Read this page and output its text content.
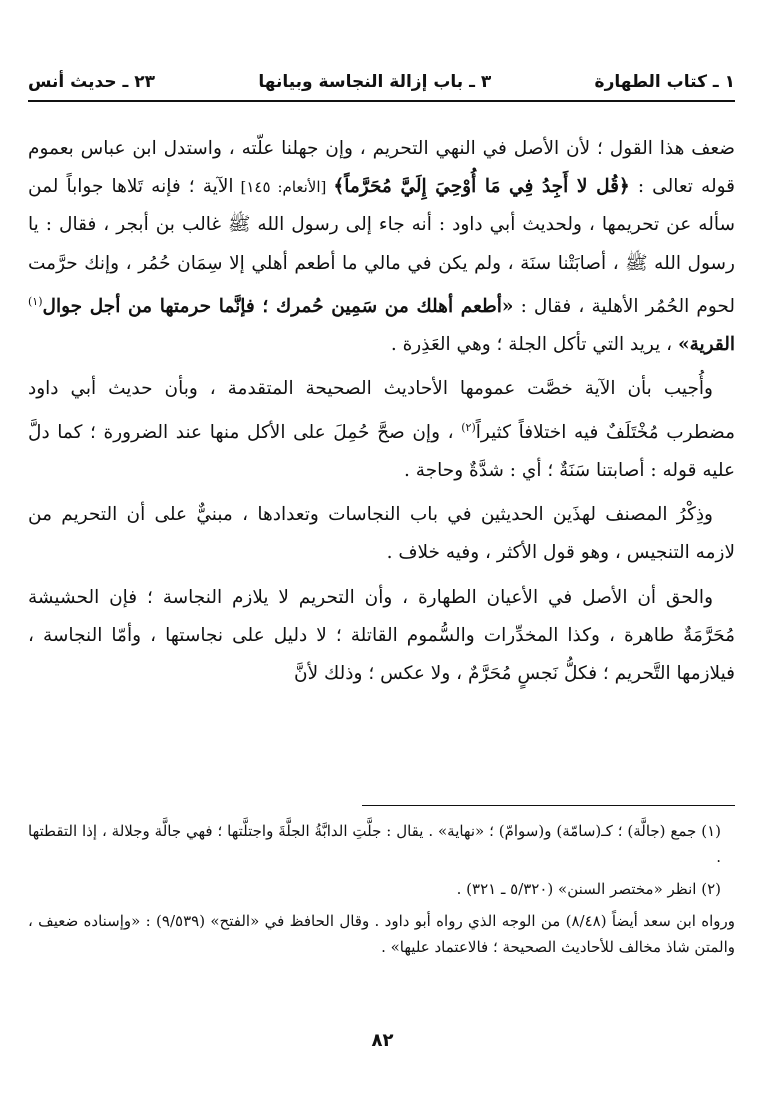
١ ـ كتاب الطهارة
٣ ـ باب إزالة النجاسة وبيانها
٢٣ ـ حديث أنس

ضعف هذا القول ؛ لأن الأصل في النهي التحريم ، وإن جهلنا علّته ، واستدل ابن عباس بعموم قوله تعالى : ﴿قُل لا أَجِدُ فِي مَا أُوْحِيَ إِلَيَّ مُحَرَّماً﴾ [الأنعام: ١٤٥] الآية ؛ فإنه تَلاها جواباً لمن سأله عن تحريمها ، ولحديث أبي داود : أنه جاء إلى رسول الله ﷺ غالب بن أبجر ، فقال : يا رسول الله ﷺ ، أصابَتْنا سنَة ، ولم يكن في مالي ما أطعم أهلي إلا سِمَان حُمُر ، وإنك حرَّمت لحوم الحُمُر الأهلية ، فقال : «أطعم أهلك من سَمِين حُمرك ؛ فإنَّما حرمتها من أجل جوال$^{(١)}$ القرية» ، يريد التي تأكل الجلة ؛ وهي العَذِرة .

وأُجيب بأن الآية خصَّت عمومها الأحاديث الصحيحة المتقدمة ، وبأن حديث أبي داود مضطرب مُخْتَلَفٌ فيه اختلافاً كثيراً$^{(٢)}$ ، وإن صحَّ حُمِلَ على الأكل منها عند الضرورة ؛ كما دلَّ عليه قوله : أصابتنا سَنَةٌ ؛ أي : شدَّةٌ وحاجة .

وذِكْرُ المصنف لهذَين الحديثين في باب النجاسات وتعدادها ، مبنيٌّ على أن التحريم من لازمه التنجيس ، وهو قول الأكثر ، وفيه خلاف .

والحق أن الأصل في الأعيان الطهارة ، وأن التحريم لا يلازم النجاسة ؛ فإن الحشيشة مُحَرَّمَةٌ طاهرة ، وكذا المخدِّرات والسُّموم القاتلة ؛ لا دليل على نجاستها ، وأمّا النجاسة ، فيلازمها التَّحريم ؛ فكلُّ نَجسٍ مُحَرَّمٌ ، ولا عكس ؛ وذلك لأنَّ

(١) جمع (جالَّة) ؛ كـ(سامّة) و(سوامّ) ؛ «نهاية» . يقال : جلَّتِ الدابَّةُ الجلَّةَ واجتلَّتها ؛ فهي جالَّة وجلالة ، إذا التقطتها .

(٢) انظر «مختصر السنن» (٥/٣٢٠ ـ ٣٢١) .

ورواه ابن سعد أيضاً (٨/٤٨) من الوجه الذي رواه أبو داود . وقال الحافظ في «الفتح» (٩/٥٣٩) : «وإسناده ضعيف ، والمتن شاذ مخالف للأحاديث الصحيحة ؛ فالاعتماد عليها» .

٨٢
